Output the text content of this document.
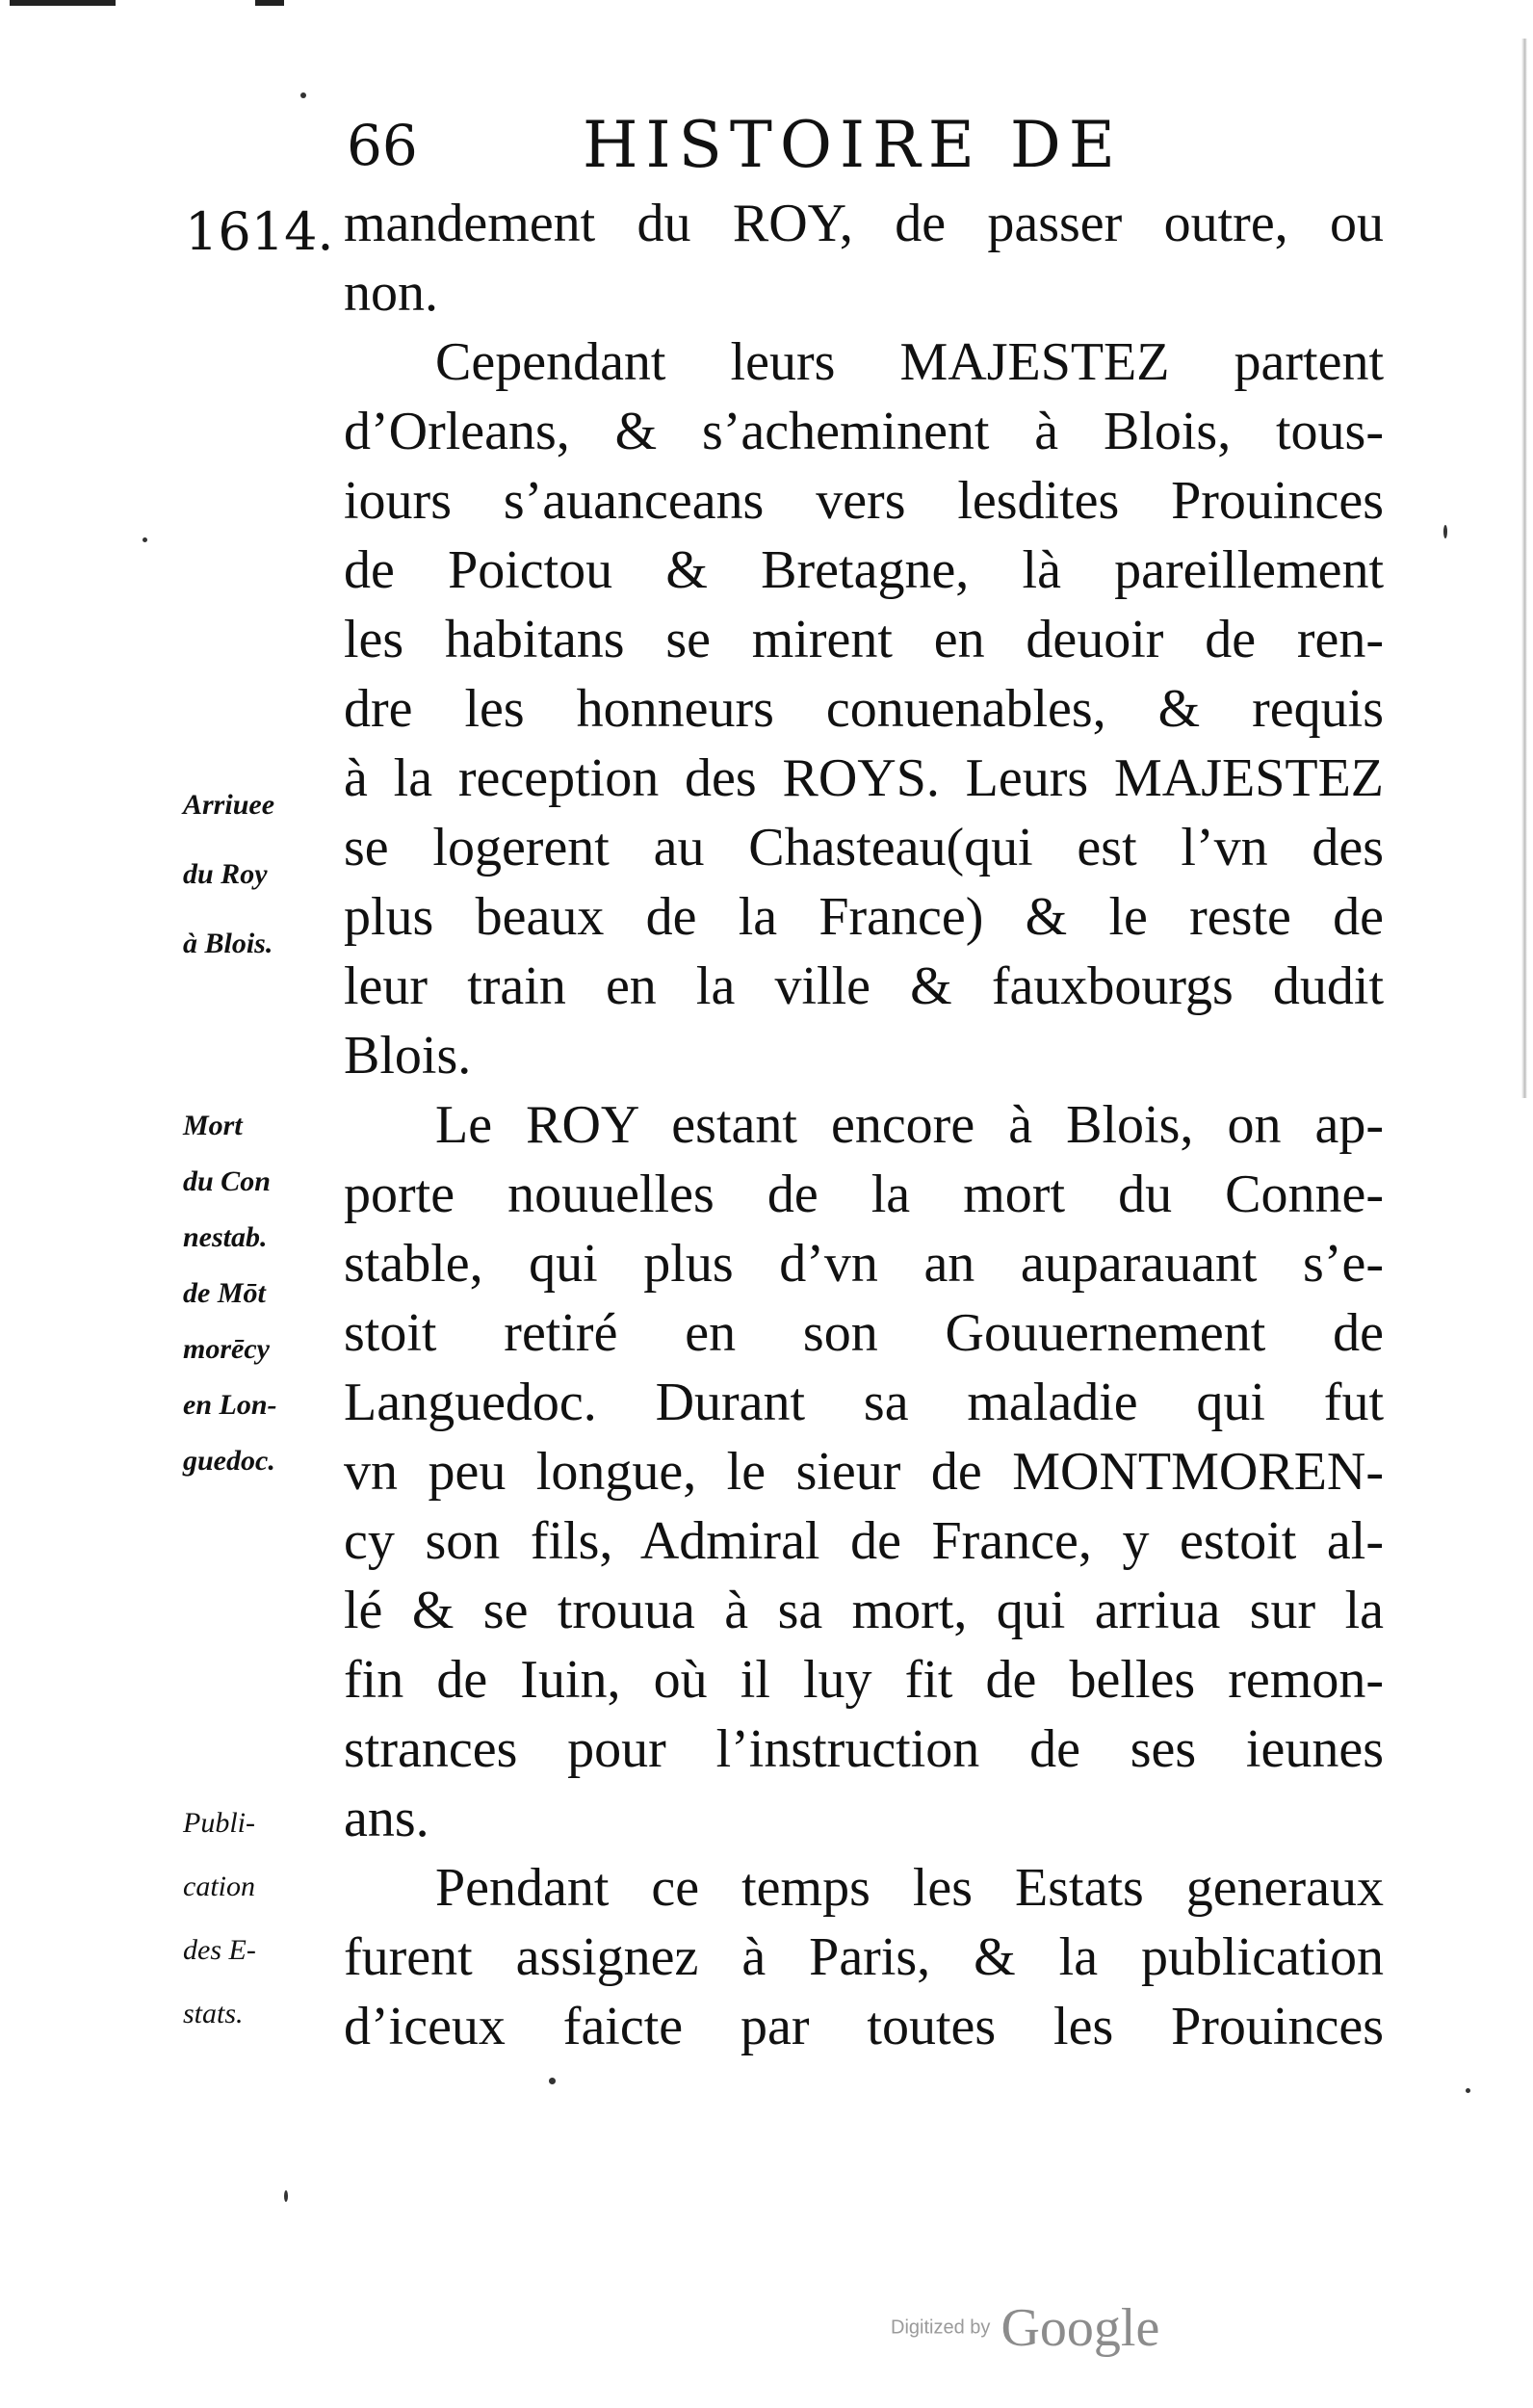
66	HISTOIRE DE
1614. mandement du ROY, de passer outre, ou
non.
Cependant leurs MAJESTEZ partent
d’Orleans, & s’acheminent à Blois, tous-
iours s’auanceans vers lesdites Prouinces
de Poictou & Bretagne, là pareillement
les habitans se mirent en deuoir de ren-
dre les honneurs conuenables, & requis
à la reception des ROYS. Leurs MAJESTEZ
se logerent au Chasteau(qui est l’vn des
plus beaux de la France) & le reste de
leur train en la ville & fauxbourgs dudit
Blois.
Le ROY estant encore à Blois, on ap-
porte nouuelles de la mort du Conne-
stable, qui plus d’vn an auparauant s’e-
stoit retiré en son Gouuernement de
Languedoc. Durant sa maladie qui fut
vn peu longue, le sieur de MONTMOREN-
cy son fils, Admiral de France, y estoit al-
lé & se trouua à sa mort, qui arriua sur la
fin de Iuin, où il luy fit de belles remon-
strances pour l’instruction de ses ieunes
ans.
Pendant ce temps les Estats generaux
furent assignez à Paris, & la publication
d’iceux faicte par toutes les Prouinces
Arriuee
du Roy
à Blois.
Mort
du Con
nestab.
de Mōt
morēcy
en Lon-
guedoc.
Publi-
cation
des E-
stats.
Digitized by Google
